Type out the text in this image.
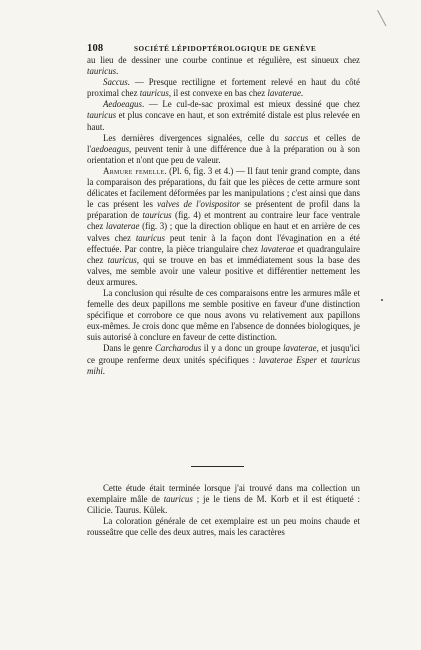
108	SOCIÉTÉ LÉPIDOPTÉROLOGIQUE DE GENÈVE

au lieu de dessiner une courbe continue et régulière, est sinueux chez tauricus.

Saccus. — Presque rectiligne et fortement relevé en haut du côté proximal chez tauricus, il est convexe en bas chez lavaterae.

Aedoeagus. — Le cul-de-sac proximal est mieux dessiné que chez tauricus et plus concave en haut, et son extrémité distale est plus relevée en haut.

Les dernières divergences signalées, celle du saccus et celles de l'aedoeagus, peuvent tenir à une différence due à la préparation ou à son orientation et n'ont que peu de valeur.

Armure femelle. (Pl. 6, fig. 3 et 4.) — Il faut tenir grand compte, dans la comparaison des préparations, du fait que les pièces de cette armure sont délicates et facilement déformées par les manipulations ; c'est ainsi que dans le cas présent les valves de l'ovispositor se présentent de profil dans la préparation de tauricus (fig. 4) et montrent au contraire leur face ventrale chez lavaterae (fig. 3) ; que la direction oblique en haut et en arrière de ces valves chez tauricus peut tenir à la façon dont l'évagination en a été effectuée. Par contre, la pièce triangulaire chez lavaterae et quadrangulaire chez tauricus, qui se trouve en bas et immédiatement sous la base des valves, me semble avoir une valeur positive et différentier nettement les deux armures.

La conclusion qui résulte de ces comparaisons entre les armures mâle et femelle des deux papillons me semble positive en faveur d'une distinction spécifique et corrobore ce que nous avons vu relativement aux papillons eux-mêmes. Je crois donc que même en l'absence de données biologiques, je suis autorisé à conclure en faveur de cette distinction.

Dans le genre Carcharodus il y a donc un groupe lavaterae, et jusqu'ici ce groupe renferme deux unités spécifiques : lavaterae Esper et tauricus mihi.

Cette étude était terminée lorsque j'ai trouvé dans ma collection un exemplaire mâle de tauricus ; je le tiens de M. Korb et il est étiqueté : Cilicie. Taurus. Külek.

La coloration générale de cet exemplaire est un peu moins chaude et rousseâtre que celle des deux autres, mais les caractères
